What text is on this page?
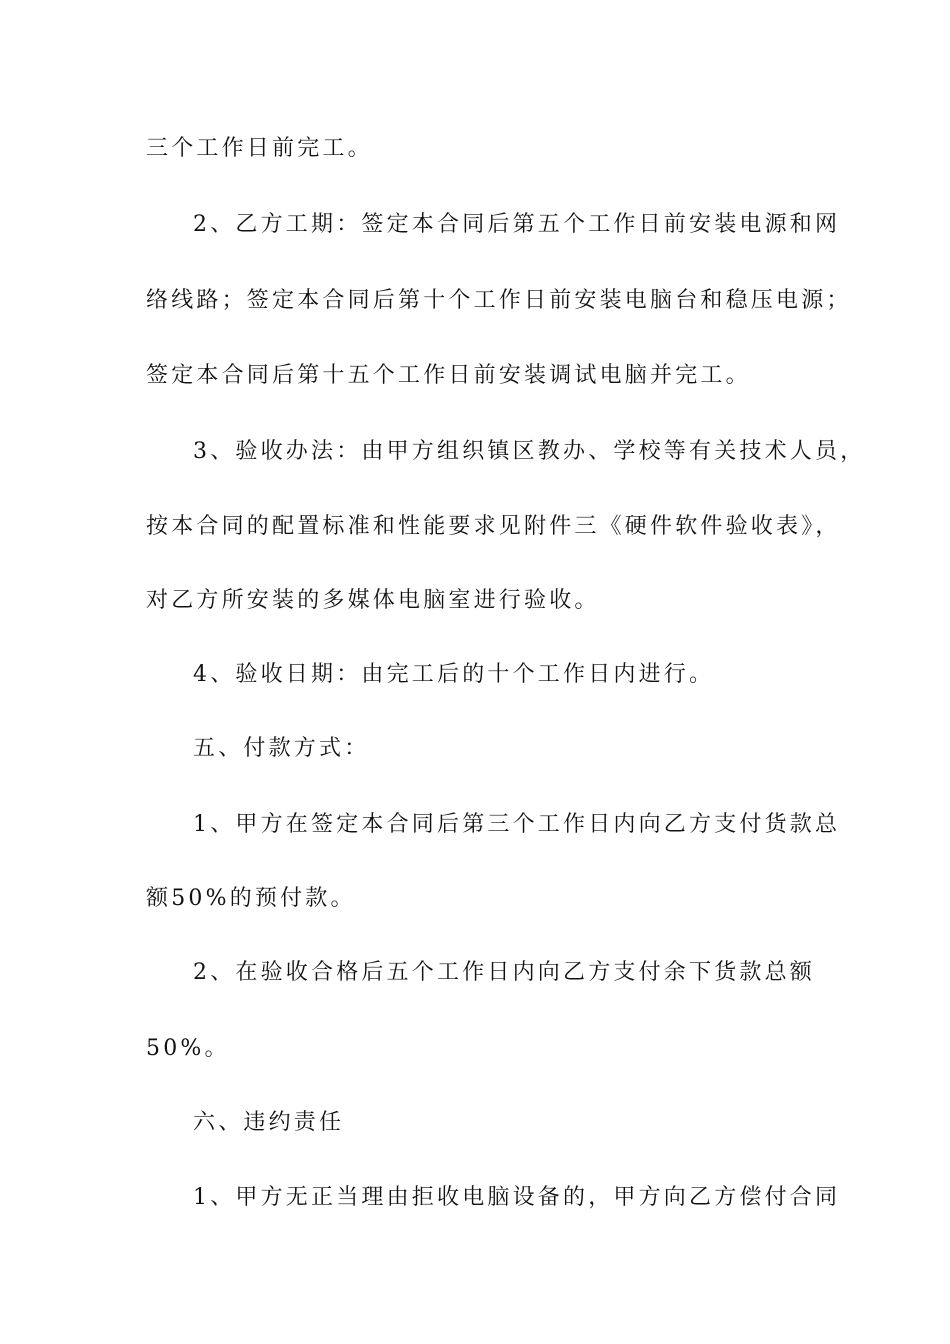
三个工作日前完工。
2、乙方工期：签定本合同后第五个工作日前安装电源和网
络线路；签定本合同后第十个工作日前安装电脑台和稳压电源；
签定本合同后第十五个工作日前安装调试电脑并完工。
3、验收办法：由甲方组织镇区教办、学校等有关技术人员，
按本合同的配置标准和性能要求见附件三《硬件软件验收表》，
对乙方所安装的多媒体电脑室进行验收。
4、验收日期：由完工后的十个工作日内进行。
五、付款方式：
1、甲方在签定本合同后第三个工作日内向乙方支付货款总
额50%的预付款。
2、在验收合格后五个工作日内向乙方支付余下货款总额
50%。
六、违约责任
1、甲方无正当理由拒收电脑设备的，甲方向乙方偿付合同
